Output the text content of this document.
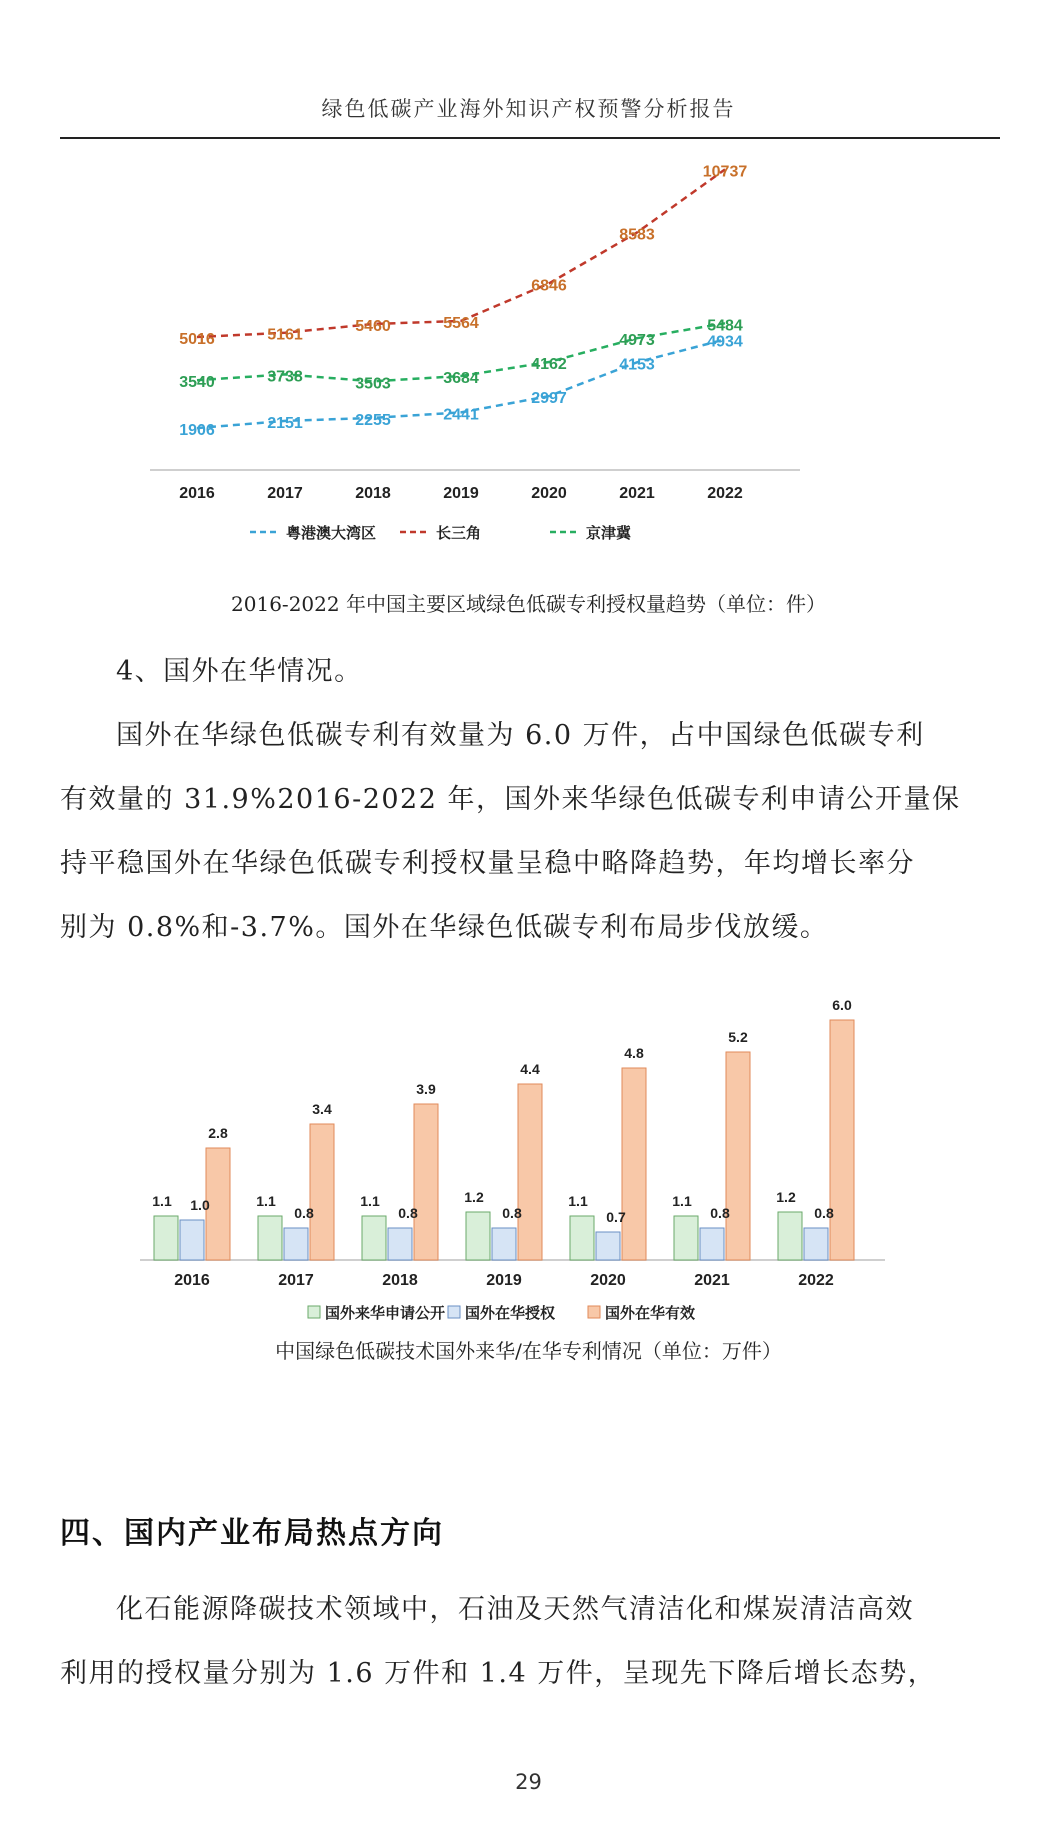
绿色低碳产业海外知识产权预警分析报告
1906	2151	2255	2441
2997
4153
4934
5016	5161
5460	5564
6846
8583
10737
3540	3738	3503	3684
4162
4973
5484
2016	2017	2018	2019	2020	2021	2022
粤港澳大湾区	长三角	京津冀
2016-2022 年中国主要区域绿色低碳专利授权量趋势（单位：件）
4、国外在华情况。
国外在华绿色低碳专利有效量为 6.0 万件，占中国绿色低碳专利
有效量的 31.9%2016-2022 年，国外来华绿色低碳专利申请公开量保
持平稳国外在华绿色低碳专利授权量呈稳中略降趋势，年均增长率分
别为 0.8%和-3.7%。国外在华绿色低碳专利布局步伐放缓。
1.1 1.0
2.8
1.1
0.8
3.4
1.1
0.8
3.9
1.2
0.8
4.4
1.1
0.7
4.8
1.1
0.8
5.2
1.2
0.8
6.0
2016	2017	2018	2019	2020	2021	2022
国外来华申请公开 国外在华授权	国外在华有效
中国绿色低碳技术国外来华/在华专利情况（单位：万件）
四、国内产业布局热点方向
化石能源降碳技术领域中，石油及天然气清洁化和煤炭清洁高效
利用的授权量分别为 1.6 万件和 1.4 万件，呈现先下降后增长态势，
29
